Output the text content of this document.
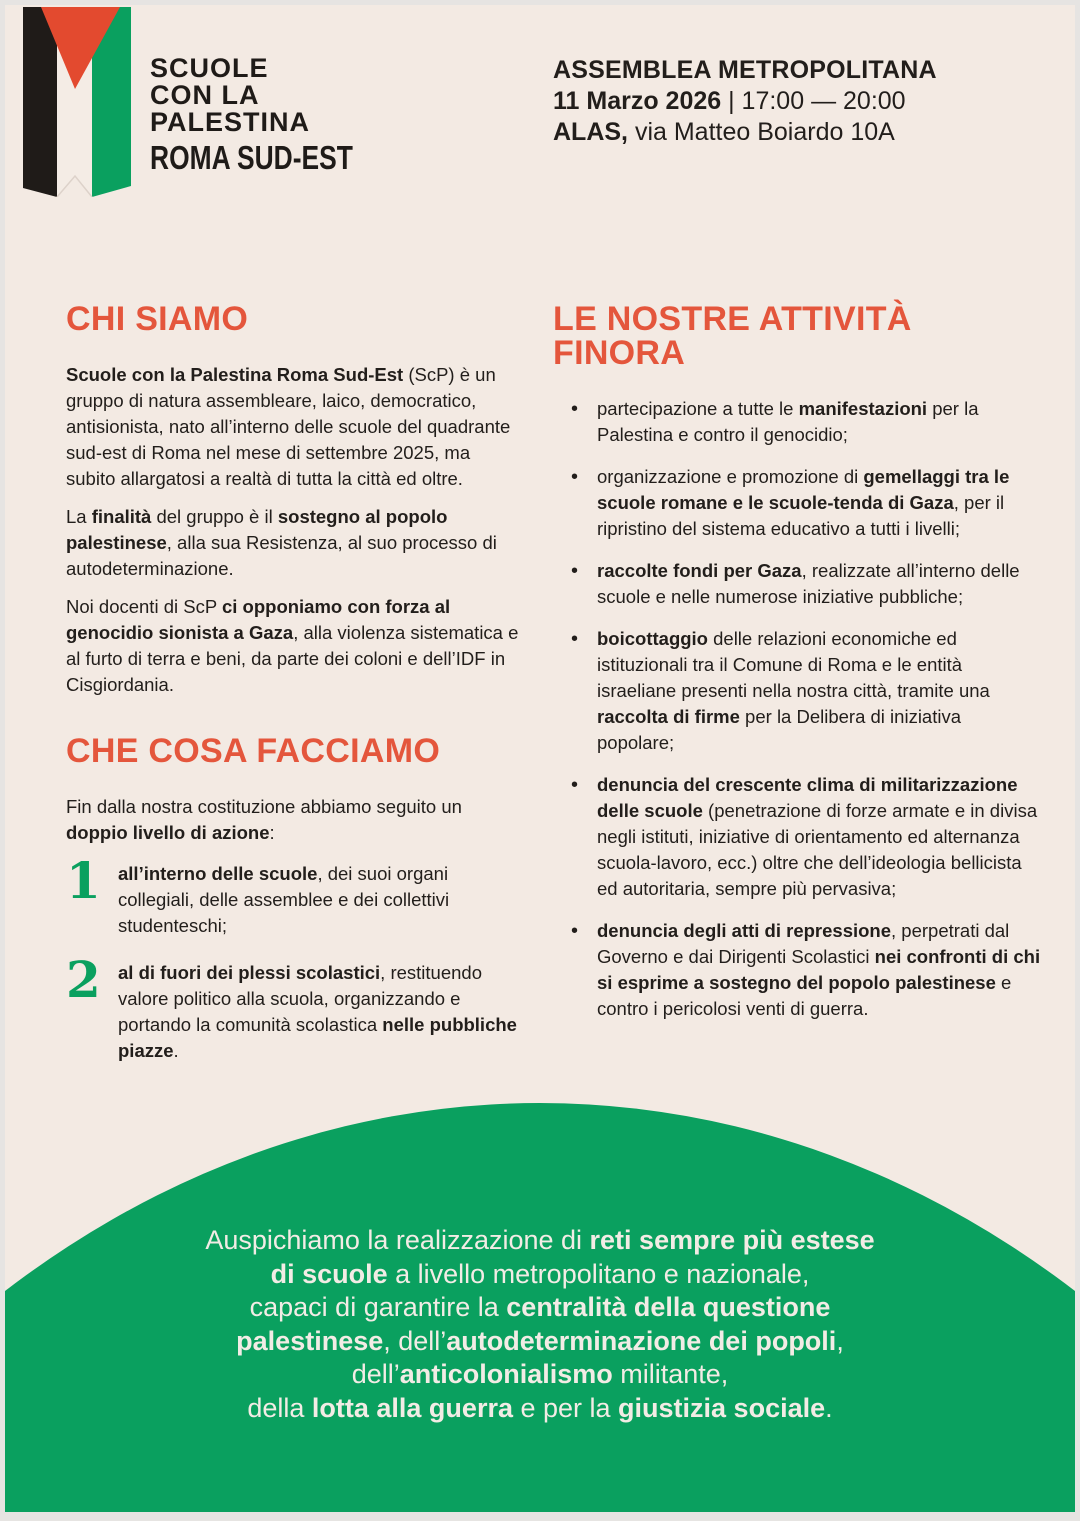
SCUOLE
CON LA
PALESTINA
ROMA SUD-EST
ASSEMBLEA METROPOLITANA
11 Marzo 2026 | 17:00 — 20:00
ALAS, via Matteo Boiardo 10A
CHI SIAMO

Scuole con la Palestina Roma Sud-Est (ScP) è un gruppo di natura assembleare, laico, democratico, antisionista, nato all’interno delle scuole del quadrante sud-est di Roma nel mese di settembre 2025, ma subito allargatosi a realtà di tutta la città ed oltre.

La finalità del gruppo è il sostegno al popolo palestinese, alla sua Resistenza, al suo processo di autodeterminazione.

Noi docenti di ScP ci opponiamo con forza al genocidio sionista a Gaza, alla violenza sistematica e al furto di terra e beni, da parte dei coloni e dell’IDF in Cisgiordania.

CHE COSA FACCIAMO

Fin dalla nostra costituzione abbiamo seguito un doppio livello di azione:

1 all’interno delle scuole, dei suoi organi collegiali, delle assemblee e dei collettivi studenteschi;
2 al di fuori dei plessi scolastici, restituendo valore politico alla scuola, organizzando e portando la comunità scolastica nelle pubbliche piazze.
LE NOSTRE ATTIVITÀ FINORA
• partecipazione a tutte le manifestazioni per la Palestina e contro il genocidio;
• organizzazione e promozione di gemellaggi tra le scuole romane e le scuole-tenda di Gaza, per il ripristino del sistema educativo a tutti i livelli;
• raccolte fondi per Gaza, realizzate all’interno delle scuole e nelle numerose iniziative pubbliche;
• boicottaggio delle relazioni economiche ed istituzionali tra il Comune di Roma e le entità israeliane presenti nella nostra città, tramite una raccolta di firme per la Delibera di iniziativa popolare;
• denuncia del crescente clima di militarizzazione delle scuole (penetrazione di forze armate e in divisa negli istituti, iniziative di orientamento ed alternanza scuola-lavoro, ecc.) oltre che dell’ideologia bellicista ed autoritaria, sempre più pervasiva;
• denuncia degli atti di repressione, perpetrati dal Governo e dai Dirigenti Scolastici nei confronti di chi si esprime a sostegno del popolo palestinese e contro i pericolosi venti di guerra.
Auspichiamo la realizzazione di reti sempre più estese
di scuole a livello metropolitano e nazionale,
capaci di garantire la centralità della questione
palestinese, dell’autodeterminazione dei popoli,
dell’anticolonialismo militante,
della lotta alla guerra e per la giustizia sociale.
